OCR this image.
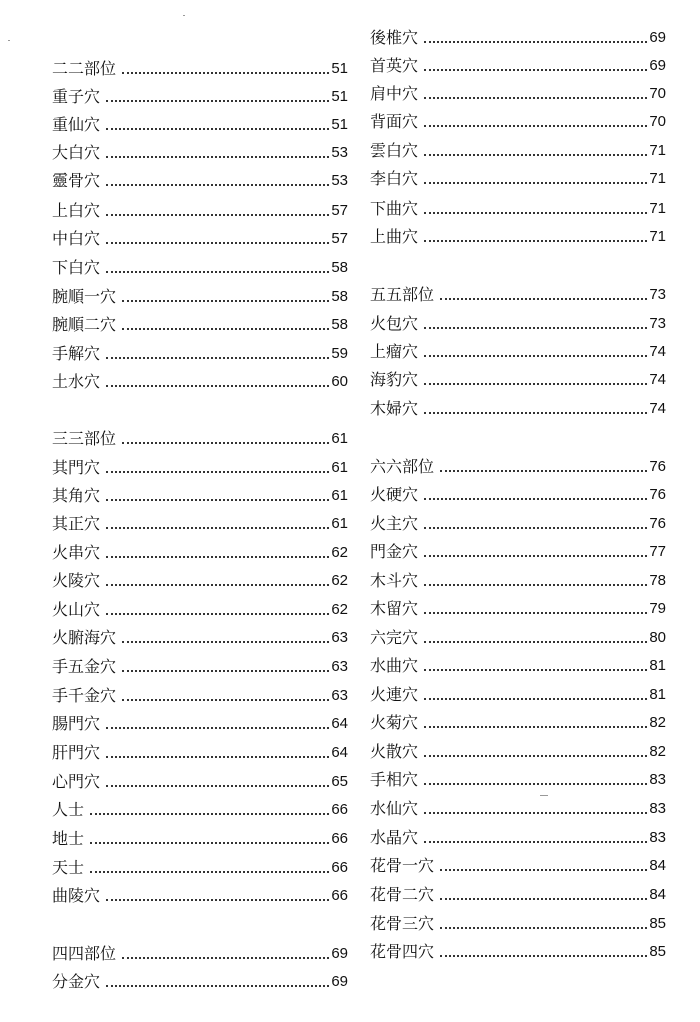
二二部位	51
重子穴	51
重仙穴	51
大白穴	53
靈骨穴	53
上白穴	57
中白穴	57
下白穴	58
腕順一穴	58
腕順二穴	58
手解穴	59
土水穴	60
三三部位	61
其門穴	61
其角穴	61
其正穴	61
火串穴	62
火陵穴	62
火山穴	62
火腑海穴	63
手五金穴	63
手千金穴	63
腸門穴	64
肝門穴	64
心門穴	65
人士	66
地士	66
天士	66
曲陵穴	66
四四部位	69
分金穴	69
後椎穴	69
首英穴	69
肩中穴	70
背面穴	70
雲白穴	71
李白穴	71
下曲穴	71
上曲穴	71
五五部位	73
火包穴	73
上瘤穴	74
海豹穴	74
木婦穴	74
六六部位	76
火硬穴	76
火主穴	76
門金穴	77
木斗穴	78
木留穴	79
六完穴	80
水曲穴	81
火連穴	81
火菊穴	82
火散穴	82
手相穴	83
水仙穴	83
水晶穴	83
花骨一穴	84
花骨二穴	84
花骨三穴	85
花骨四穴	85
